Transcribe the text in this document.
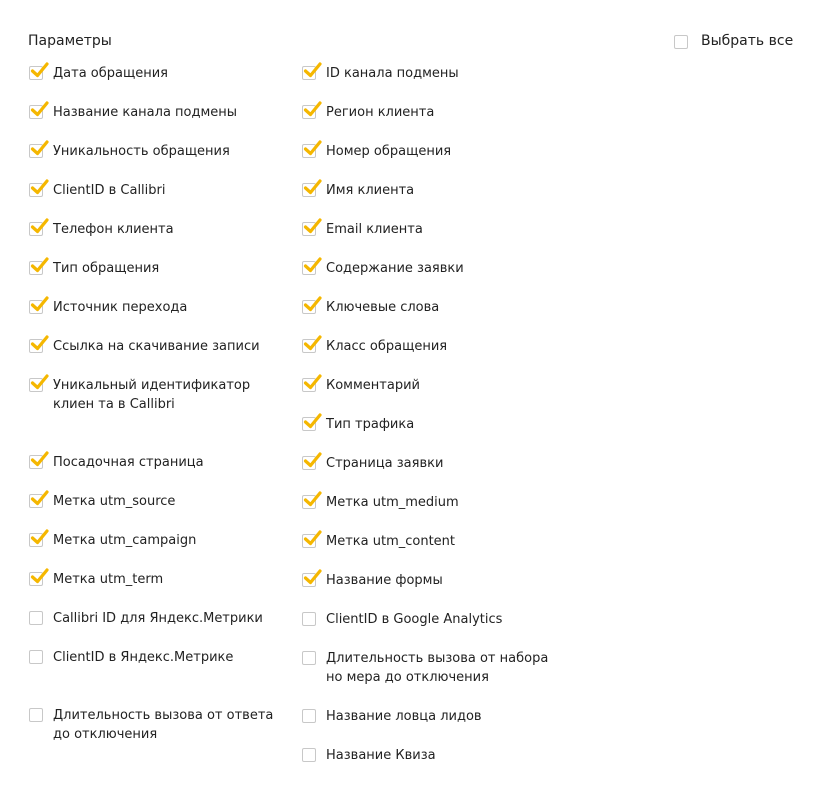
Параметры	Выбрать все
Дата обращения
Название канала подмены
Уникальность обращения
ClientID в Callibri
Телефон клиента
Тип обращения
Источник перехода
Ссылка на скачивание записи
Уникальный идентификатор клиен та в Callibri
Посадочная страница
Метка utm_source
Метка utm_campaign
Метка utm_term
Callibri ID для Яндекс.Метрики
ClientID в Яндекс.Метрике
Длительность вызова от ответа до отключения
ID канала подмены
Регион клиента
Номер обращения
Имя клиента
Email клиента
Содержание заявки
Ключевые слова
Класс обращения
Комментарий
Тип трафика
Страница заявки
Метка utm_medium
Метка utm_content
Название формы
ClientID в Google Analytics
Длительность вызова от набора но мера до отключения
Название ловца лидов
Название Квиза
